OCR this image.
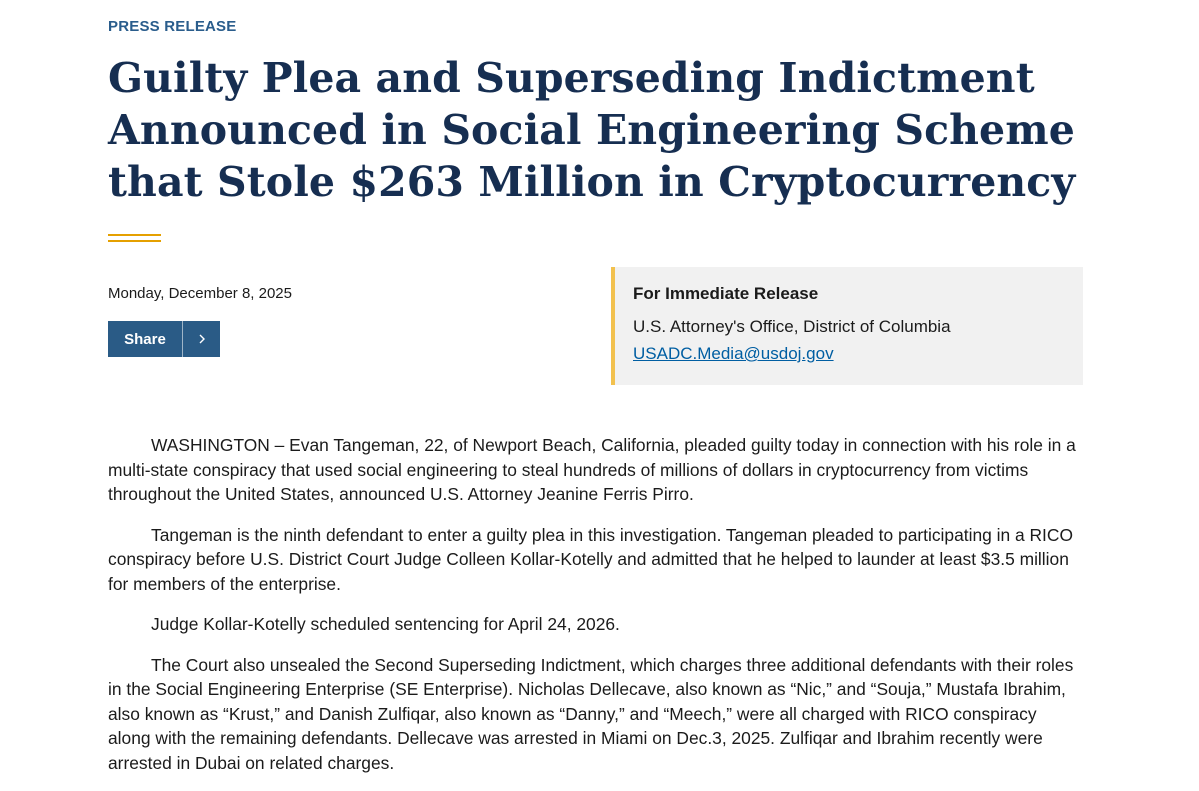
PRESS RELEASE
Guilty Plea and Superseding Indictment Announced in Social Engineering Scheme that Stole $263 Million in Cryptocurrency
Monday, December 8, 2025
Share
For Immediate Release
U.S. Attorney's Office, District of Columbia
USADC.Media@usdoj.gov

WASHINGTON – Evan Tangeman, 22, of Newport Beach, California, pleaded guilty today in connection with his role in a multi-state conspiracy that used social engineering to steal hundreds of millions of dollars in cryptocurrency from victims throughout the United States, announced U.S. Attorney Jeanine Ferris Pirro.

Tangeman is the ninth defendant to enter a guilty plea in this investigation. Tangeman pleaded to participating in a RICO conspiracy before U.S. District Court Judge Colleen Kollar-Kotelly and admitted that he helped to launder at least $3.5 million for members of the enterprise.

Judge Kollar-Kotelly scheduled sentencing for April 24, 2026.

The Court also unsealed the Second Superseding Indictment, which charges three additional defendants with their roles in the Social Engineering Enterprise (SE Enterprise). Nicholas Dellecave, also known as “Nic,” and “Souja,” Mustafa Ibrahim, also known as “Krust,” and Danish Zulfiqar, also known as “Danny,” and “Meech,” were all charged with RICO conspiracy along with the remaining defendants. Dellecave was arrested in Miami on Dec.3, 2025. Zulfiqar and Ibrahim recently were arrested in Dubai on related charges.
